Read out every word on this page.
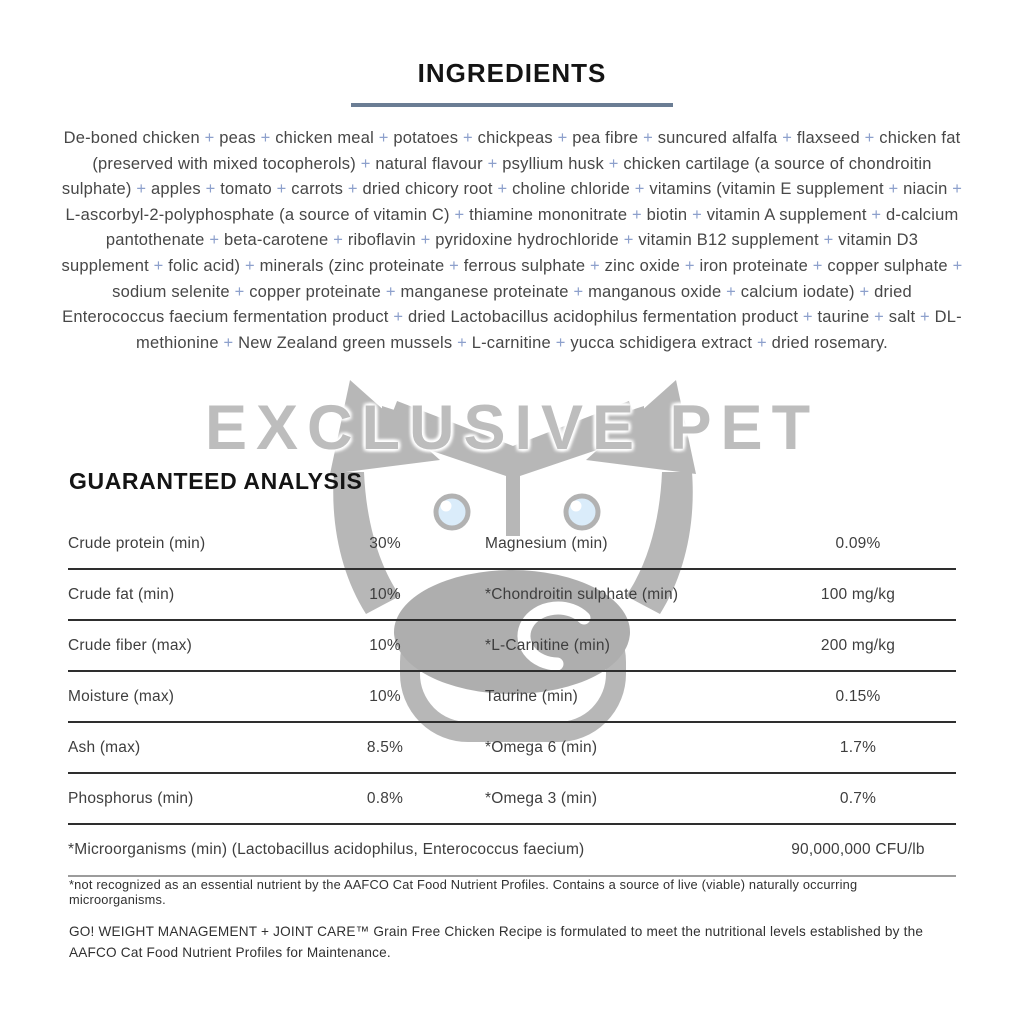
EXCLUSIVE PET
INGREDIENTS
De-boned chicken + peas + chicken meal + potatoes + chickpeas + pea fibre + suncured alfalfa + flaxseed + chicken fat (preserved with mixed tocopherols) + natural flavour + psyllium husk + chicken cartilage (a source of chondroitin sulphate) + apples + tomato + carrots + dried chicory root + choline chloride + vitamins (vitamin E supplement + niacin + L-ascorbyl-2-polyphosphate (a source of vitamin C) + thiamine mononitrate + biotin + vitamin A supplement + d-calcium pantothenate + beta-carotene + riboflavin + pyridoxine hydrochloride + vitamin B12 supplement + vitamin D3 supplement + folic acid) + minerals (zinc proteinate + ferrous sulphate + zinc oxide + iron proteinate + copper sulphate + sodium selenite + copper proteinate + manganese proteinate + manganous oxide + calcium iodate) + dried Enterococcus faecium fermentation product + dried Lactobacillus acidophilus fermentation product + taurine + salt + DL-methionine + New Zealand green mussels + L-carnitine + yucca schidigera extract + dried rosemary.
GUARANTEED ANALYSIS
Crude protein (min)	30%	Magnesium (min)	0.09%
Crude fat (min)	10%	*Chondroitin sulphate (min)	100 mg/kg
Crude fiber (max)	10%	*L-Carnitine (min)	200 mg/kg
Moisture (max)	10%	Taurine (min)	0.15%
Ash (max)	8.5%	*Omega 6 (min)	1.7%
Phosphorus (min)	0.8%	*Omega 3 (min)	0.7%
*Microorganisms (min) (Lactobacillus acidophilus, Enterococcus faecium)	90,000,000 CFU/lb
*not recognized as an essential nutrient by the AAFCO Cat Food Nutrient Profiles. Contains a source of live (viable) naturally occurring microorganisms.
GO! WEIGHT MANAGEMENT + JOINT CARE™ Grain Free Chicken Recipe is formulated to meet the nutritional levels established by the AAFCO Cat Food Nutrient Profiles for Maintenance.
